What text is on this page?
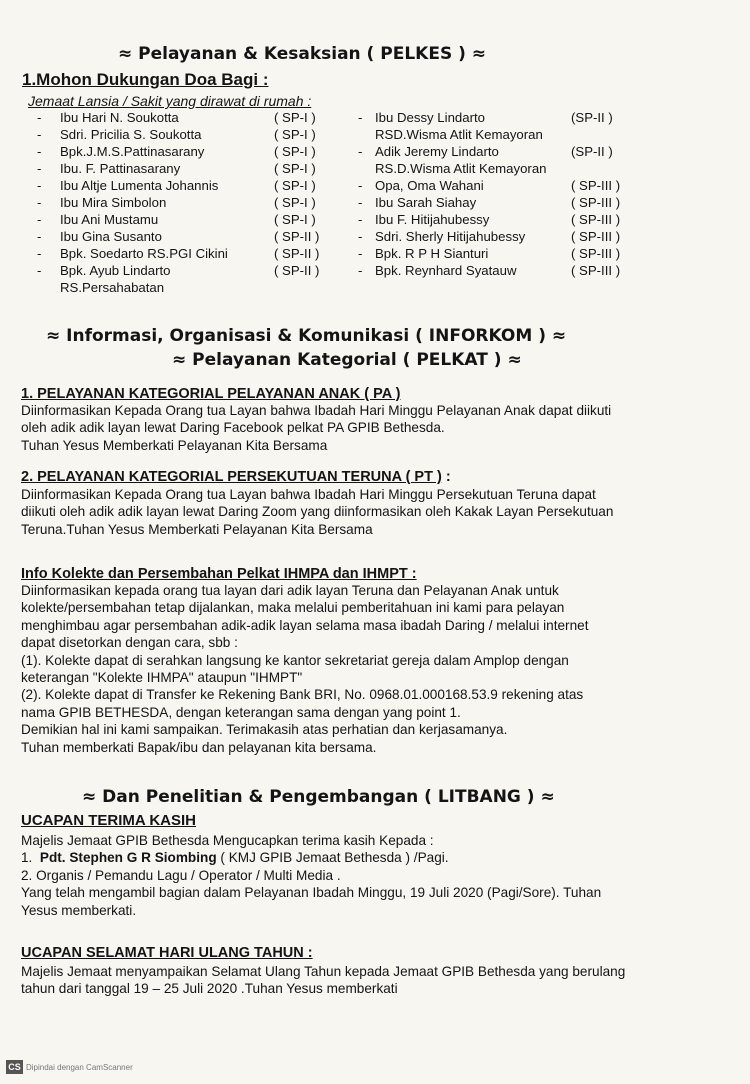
≈ Pelayanan & Kesaksian ( PELKES ) ≈
1.Mohon Dukungan Doa Bagi :
Jemaat Lansia / Sakit yang dirawat di rumah :
- Ibu Hari N. Soukotta	( SP-I )
- Sdri. Pricilia S. Soukotta	( SP-I )
- Bpk.J.M.S.Pattinasarany	( SP-I )
- Ibu. F. Pattinasarany	( SP-I )
- Ibu Altje Lumenta Johannis	( SP-I )
- Ibu Mira Simbolon	( SP-I )
- Ibu Ani Mustamu	( SP-I )
- Ibu Gina Susanto	( SP-II )
- Bpk. Soedarto RS.PGI Cikini	( SP-II )
- Bpk. Ayub Lindarto	( SP-II )
RS.Persahabatan
- Ibu Dessy Lindarto	(SP-II )
RSD.Wisma Atlit Kemayoran
- Adik Jeremy Lindarto	(SP-II )
RS.D.Wisma Atlit Kemayoran
- Opa, Oma Wahani	( SP-III )
- Ibu Sarah Siahay	( SP-III )
- Ibu F. Hitijahubessy	( SP-III )
- Sdri. Sherly Hitijahubessy	( SP-III )
- Bpk. R P H Sianturi	( SP-III )
- Bpk. Reynhard Syatauw	( SP-III )
≈ Informasi, Organisasi & Komunikasi ( INFORKOM ) ≈
≈ Pelayanan Kategorial ( PELKAT ) ≈
1. PELAYANAN KATEGORIAL PELAYANAN ANAK ( PA )
Diinformasikan Kepada Orang tua Layan bahwa Ibadah Hari Minggu Pelayanan Anak dapat diikuti
oleh adik adik layan lewat Daring Facebook pelkat PA GPIB Bethesda.
Tuhan Yesus Memberkati Pelayanan Kita Bersama
2. PELAYANAN KATEGORIAL PERSEKUTUAN TERUNA ( PT ) :
Diinformasikan Kepada Orang tua Layan bahwa Ibadah Hari Minggu Persekutuan Teruna dapat
diikuti oleh adik adik layan lewat Daring Zoom yang diinformasikan oleh Kakak Layan Persekutuan
Teruna.Tuhan Yesus Memberkati Pelayanan Kita Bersama
Info Kolekte dan Persembahan Pelkat IHMPA dan IHMPT :
Diinformasikan kepada orang tua layan dari adik layan Teruna dan Pelayanan Anak untuk
kolekte/persembahan tetap dijalankan, maka melalui pemberitahuan ini kami para pelayan
menghimbau agar persembahan adik-adik layan selama masa ibadah Daring / melalui internet
dapat disetorkan dengan cara, sbb :
(1). Kolekte dapat di serahkan langsung ke kantor sekretariat gereja dalam Amplop dengan
keterangan "Kolekte IHMPA" ataupun "IHMPT"
(2). Kolekte dapat di Transfer ke Rekening Bank BRI, No. 0968.01.000168.53.9 rekening atas
nama GPIB BETHESDA, dengan keterangan sama dengan yang point 1.
Demikian hal ini kami sampaikan. Terimakasih atas perhatian dan kerjasamanya.
Tuhan memberkati Bapak/ibu dan pelayanan kita bersama.
≈ Dan Penelitian & Pengembangan ( LITBANG ) ≈
UCAPAN TERIMA KASIH
Majelis Jemaat GPIB Bethesda Mengucapkan terima kasih Kepada :
1. Pdt. Stephen G R Siombing ( KMJ GPIB Jemaat Bethesda ) /Pagi.
2. Organis / Pemandu Lagu / Operator / Multi Media .
Yang telah mengambil bagian dalam Pelayanan Ibadah Minggu, 19 Juli 2020 (Pagi/Sore). Tuhan
Yesus memberkati.
UCAPAN SELAMAT HARI ULANG TAHUN :
Majelis Jemaat menyampaikan Selamat Ulang Tahun kepada Jemaat GPIB Bethesda yang berulang
tahun dari tanggal 19 – 25 Juli 2020 .Tuhan Yesus memberkati
CS Dipindai dengan CamScanner
